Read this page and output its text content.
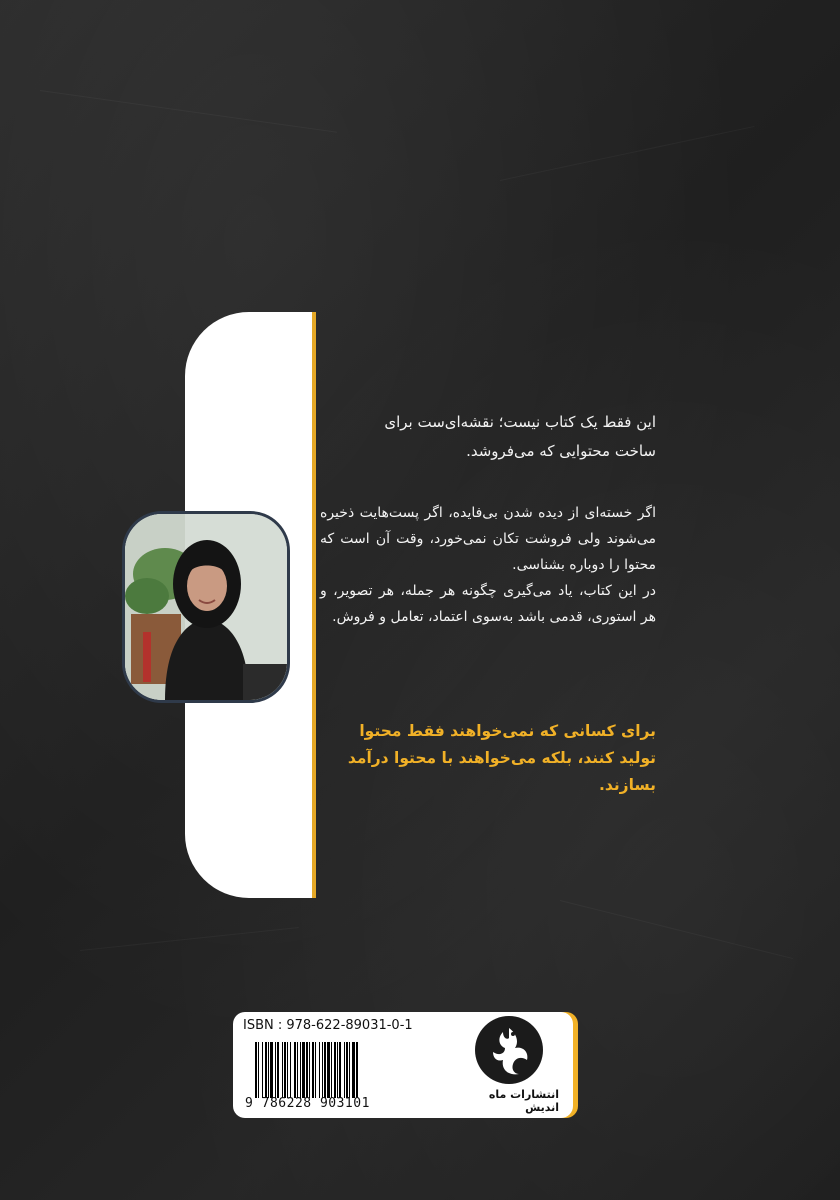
این فقط یک کتاب نیست؛ نقشه‌ای‌ست برای
ساخت محتوایی که می‌فروشد.

اگر خسته‌ای از دیده شدن بی‌فایده، اگر پست‌هایت ذخیره می‌شوند ولی فروشت تکان نمی‌خورد، وقت آن است که محتوا را دوباره بشناسی.

در این کتاب، یاد می‌گیری چگونه هر جمله، هر تصویر، و هر استوری، قدمی باشد به‌سوی اعتماد، تعامل و فروش.

برای کسانی که نمی‌خواهند فقط محتوا تولید کنند، بلکه می‌خواهند با محتوا درآمد بسازند.
ISBN : 978-622-89031-0-1
9 786228 903101
انتشارات ماه اندیش
